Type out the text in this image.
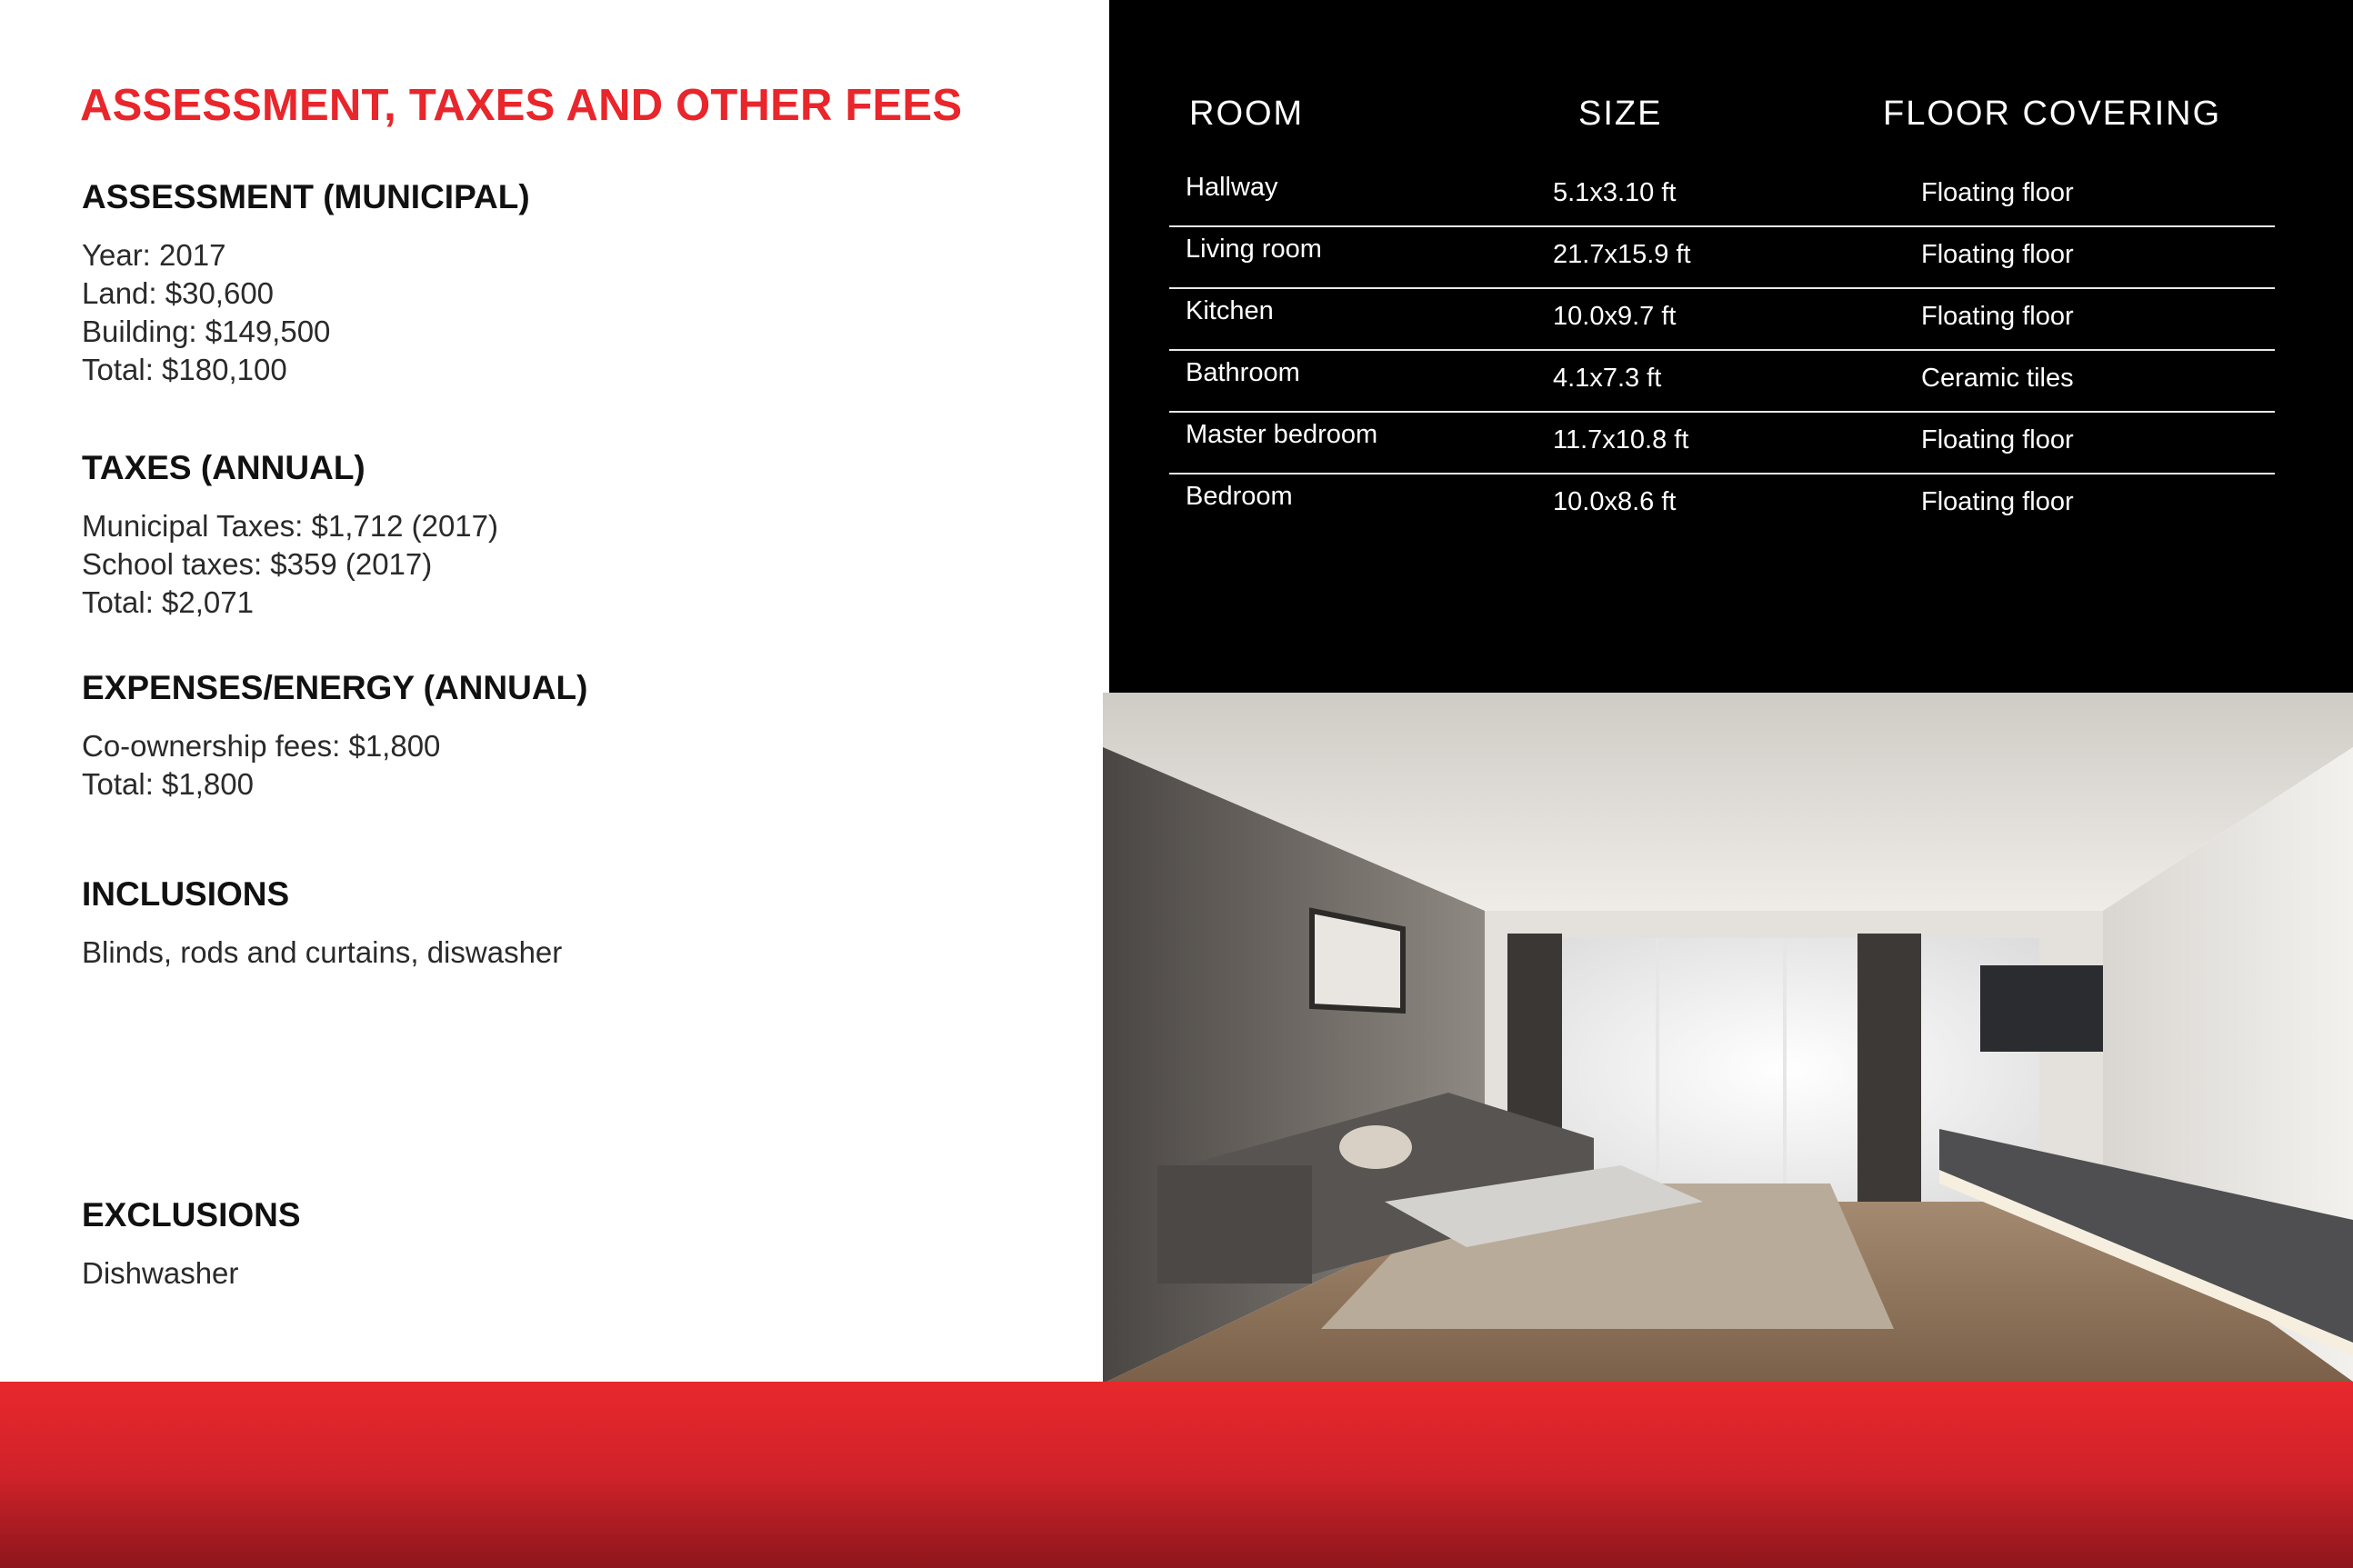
ASSESSMENT, TAXES AND OTHER FEES
ASSESSMENT (MUNICIPAL)
Year: 2017
Land: $30,600
Building: $149,500
Total: $180,100
TAXES (ANNUAL)
Municipal Taxes: $1,712 (2017)
School taxes: $359 (2017)
Total: $2,071
EXPENSES/ENERGY (ANNUAL)
Co-ownership fees: $1,800
Total: $1,800
INCLUSIONS
Blinds, rods and curtains, diswasher
EXCLUSIONS
Dishwasher
ROOM	SIZE	FLOOR COVERING
Hallway	5.1x3.10 ft	Floating floor
Living room	21.7x15.9 ft	Floating floor
Kitchen	10.0x9.7 ft	Floating floor
Bathroom	4.1x7.3 ft	Ceramic tiles
Master bedroom	11.7x10.8 ft	Floating floor
Bedroom	10.0x8.6 ft	Floating floor
